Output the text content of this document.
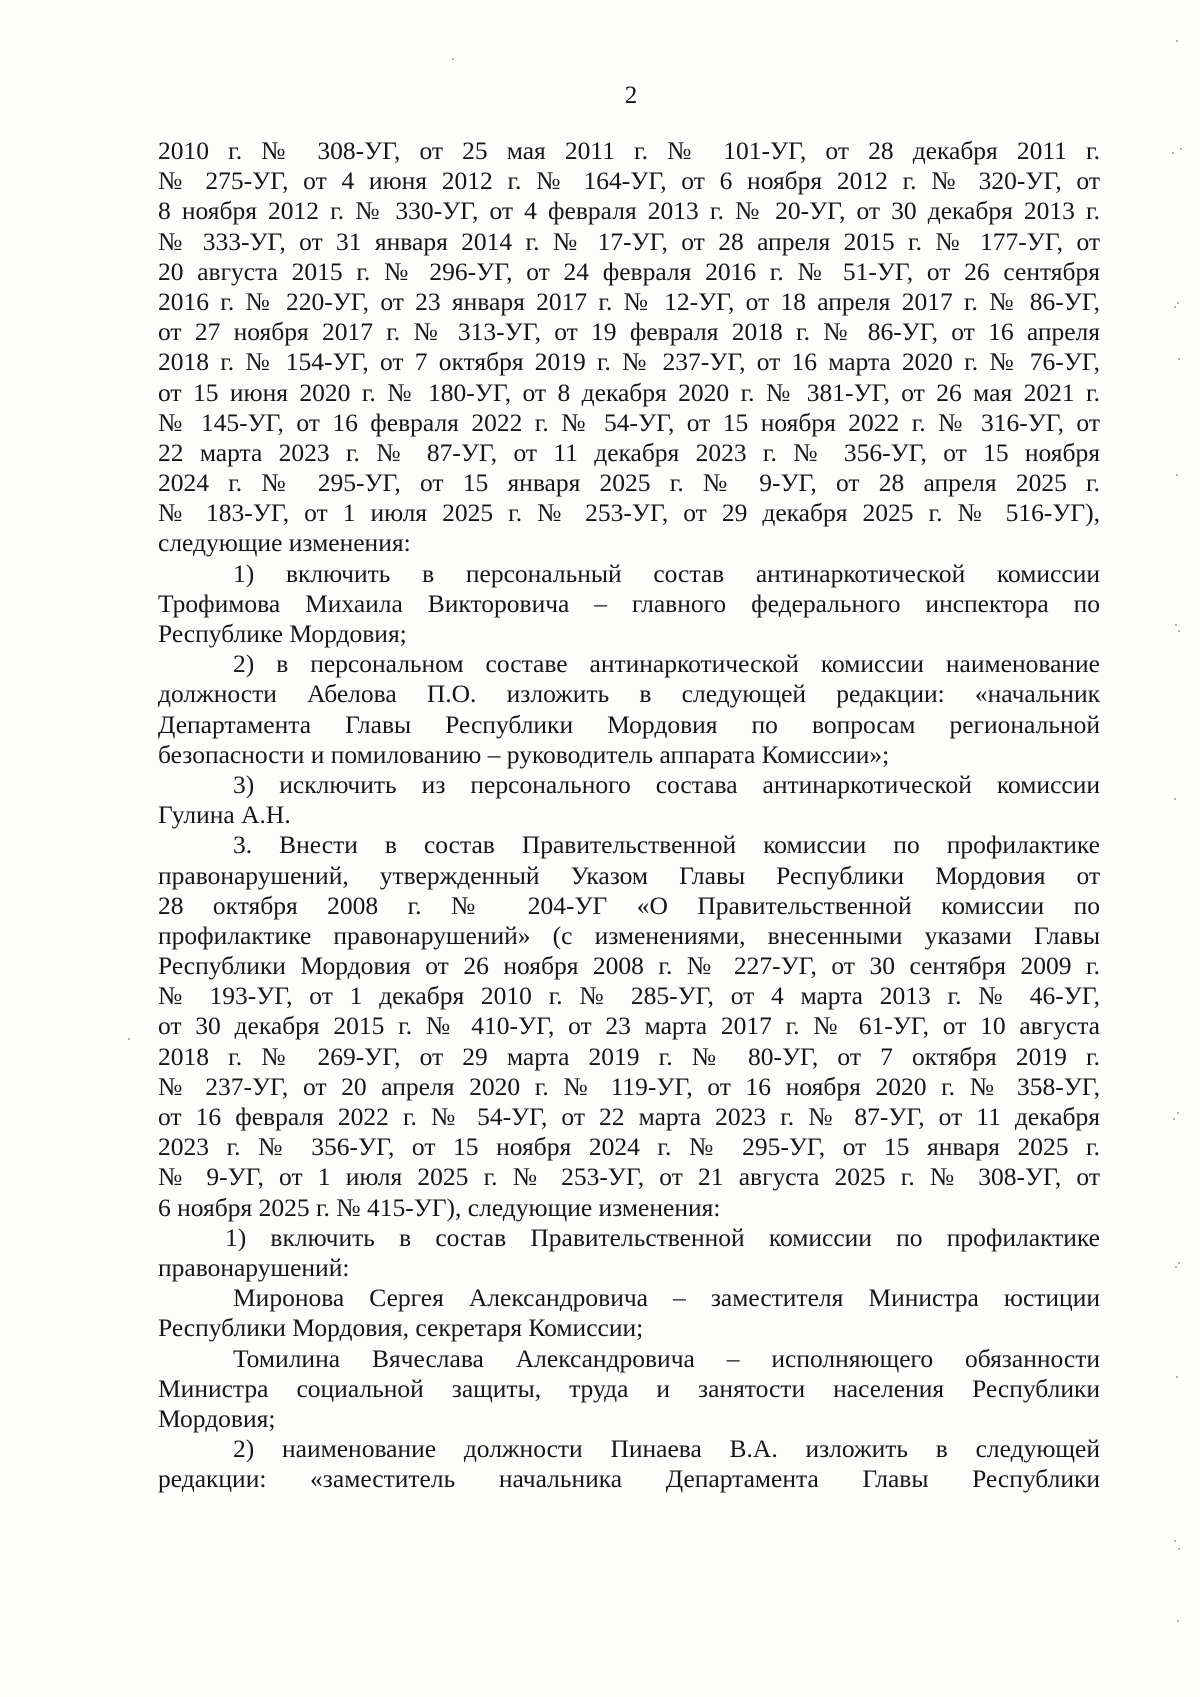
2
2010 г. № 308-УГ, от 25 мая 2011 г. № 101-УГ, от 28 декабря 2011 г.
№ 275-УГ, от 4 июня 2012 г. № 164-УГ, от 6 ноября 2012 г. № 320-УГ, от
8 ноября 2012 г. № 330-УГ, от 4 февраля 2013 г. № 20-УГ, от 30 декабря 2013 г.
№ 333-УГ, от 31 января 2014 г. № 17-УГ, от 28 апреля 2015 г. № 177-УГ, от
20 августа 2015 г. № 296-УГ, от 24 февраля 2016 г. № 51-УГ, от 26 сентября
2016 г. № 220-УГ, от 23 января 2017 г. № 12-УГ, от 18 апреля 2017 г. № 86-УГ,
от 27 ноября 2017 г. № 313-УГ, от 19 февраля 2018 г. № 86-УГ, от 16 апреля
2018 г. № 154-УГ, от 7 октября 2019 г. № 237-УГ, от 16 марта 2020 г. № 76-УГ,
от 15 июня 2020 г. № 180-УГ, от 8 декабря 2020 г. № 381-УГ, от 26 мая 2021 г.
№ 145-УГ, от 16 февраля 2022 г. № 54-УГ, от 15 ноября 2022 г. № 316-УГ, от
22 марта 2023 г. № 87-УГ, от 11 декабря 2023 г. № 356-УГ, от 15 ноября
2024 г. № 295-УГ, от 15 января 2025 г. № 9-УГ, от 28 апреля 2025 г.
№ 183-УГ, от 1 июля 2025 г. № 253-УГ, от 29 декабря 2025 г. № 516-УГ),
следующие изменения:
1) включить в персональный состав антинаркотической комиссии
Трофимова Михаила Викторовича – главного федерального инспектора по
Республике Мордовия;
2) в персональном составе антинаркотической комиссии наименование
должности Абелова П.О. изложить в следующей редакции: «начальник
Департамента Главы Республики Мордовия по вопросам региональной
безопасности и помилованию – руководитель аппарата Комиссии»;
3) исключить из персонального состава антинаркотической комиссии
Гулина А.Н.
3. Внести в состав Правительственной комиссии по профилактике
правонарушений, утвержденный Указом Главы Республики Мордовия от
28 октября 2008 г. № 204-УГ «О Правительственной комиссии по
профилактике правонарушений» (с изменениями, внесенными указами Главы
Республики Мордовия от 26 ноября 2008 г. № 227-УГ, от 30 сентября 2009 г.
№ 193-УГ, от 1 декабря 2010 г. № 285-УГ, от 4 марта 2013 г. № 46-УГ,
от 30 декабря 2015 г. № 410-УГ, от 23 марта 2017 г. № 61-УГ, от 10 августа
2018 г. № 269-УГ, от 29 марта 2019 г. № 80-УГ, от 7 октября 2019 г.
№ 237-УГ, от 20 апреля 2020 г. № 119-УГ, от 16 ноября 2020 г. № 358-УГ,
от 16 февраля 2022 г. № 54-УГ, от 22 марта 2023 г. № 87-УГ, от 11 декабря
2023 г. № 356-УГ, от 15 ноября 2024 г. № 295-УГ, от 15 января 2025 г.
№ 9-УГ, от 1 июля 2025 г. № 253-УГ, от 21 августа 2025 г. № 308-УГ, от
6 ноября 2025 г. № 415-УГ), следующие изменения:
1) включить в состав Правительственной комиссии по профилактике
правонарушений:
Миронова Сергея Александровича – заместителя Министра юстиции
Республики Мордовия, секретаря Комиссии;
Томилина Вячеслава Александровича – исполняющего обязанности
Министра социальной защиты, труда и занятости населения Республики
Мордовия;
2) наименование должности Пинаева В.А. изложить в следующей
редакции: «заместитель начальника Департамента Главы Республики
